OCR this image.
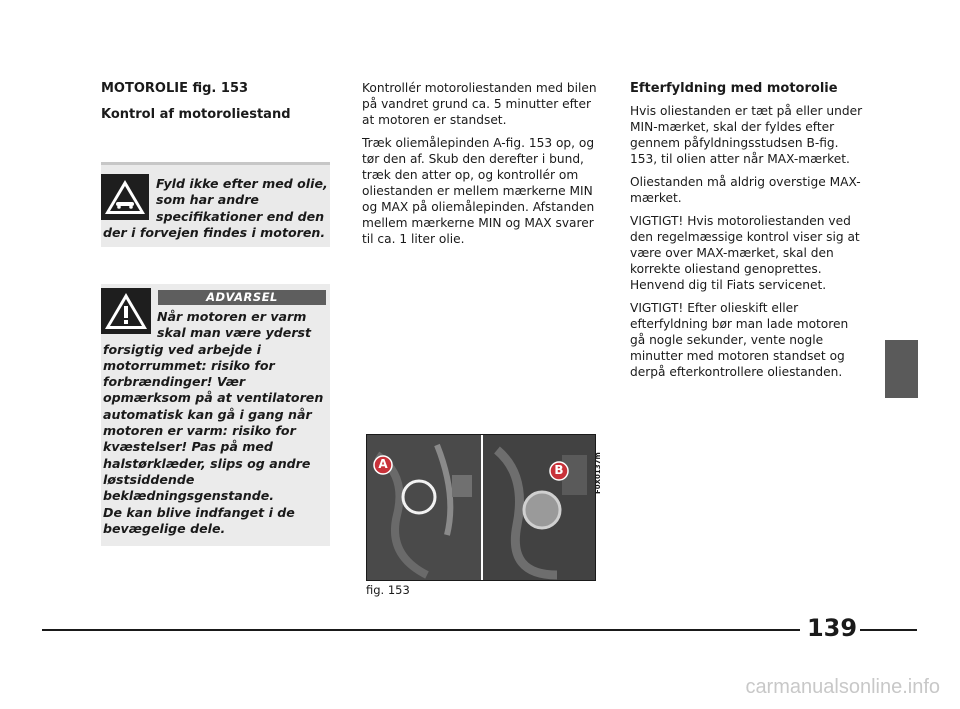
MOTOROLIE fig. 153
Kontrol af motoroliestand
Fyld ikke efter med olie, som har andre specifikationer end den der i forvejen findes i motoren.
ADVARSEL
Når motoren er varm skal man være yderst forsigtig ved arbejde i motorrummet: risiko for forbrændinger! Vær opmærksom på at ventilatoren automatisk kan gå i gang når motoren er varm: risiko for kvæstelser! Pas på med halstørklæder, slips og andre løstsiddende beklædningsgenstande.
De kan blive indfanget i de bevægelige dele.

Kontrollér motoroliestanden med bilen på vandret grund ca. 5 minutter efter at motoren er standset.

Træk oliemålepinden A-fig. 153 op, og tør den af. Skub den derefter i bund, træk den atter op, og kontrollér om oliestanden er mellem mærkerne MIN og MAX på oliemålepinden. Afstanden mellem mærkerne MIN og MAX svarer til ca. 1 liter olie.

A	B	F0X0137m
fig. 153
Efterfyldning med motorolie

Hvis oliestanden er tæt på eller under MIN-mærket, skal der fyldes efter gennem påfyldningsstudsen B-fig. 153, til olien atter når MAX-mærket.

Oliestanden må aldrig overstige MAX-mærket.

VIGTIGT! Hvis motoroliestanden ved den regelmæssige kontrol viser sig at være over MAX-mærket, skal den korrekte oliestand genoprettes. Henvend dig til Fiats servicenet.

VIGTIGT! Efter olieskift eller efterfyldning bør man lade motoren gå nogle sekunder, vente nogle minutter med motoren standset og derpå efterkontrollere oliestanden.

139
carmanualsonline.info
